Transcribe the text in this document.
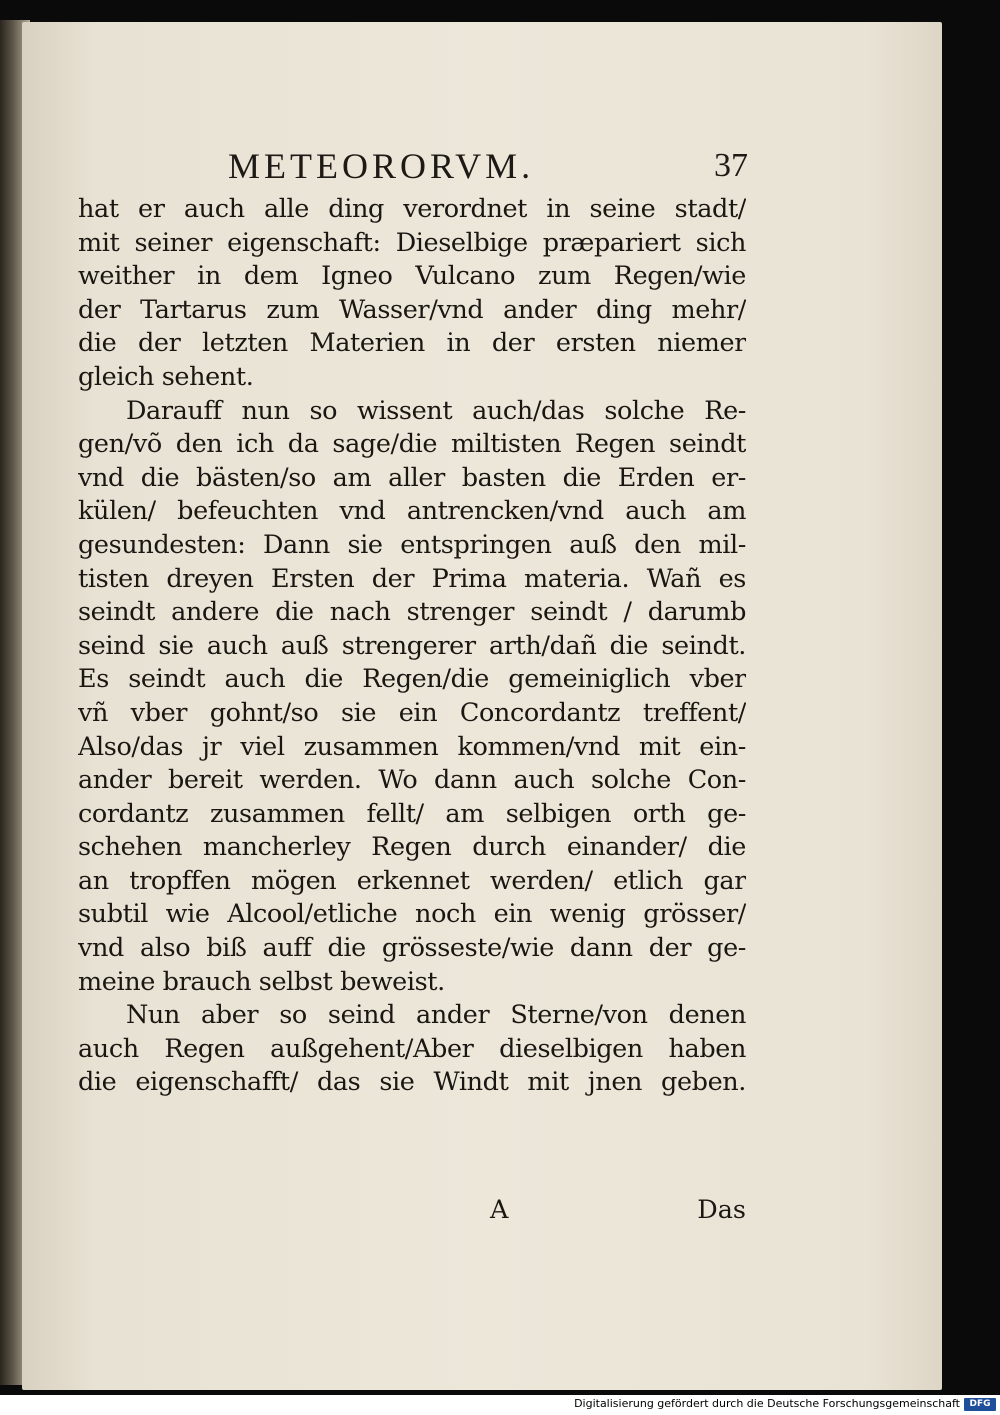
METEORORVM.	37
hat er auch alle ding verordnet in seine stadt/
mit seiner eigenschaft: Dieselbige præpariert sich
weither in dem Igneo Vulcano zum Regen/wie
der Tartarus zum Wasser/vnd ander ding mehr/
die der letzten Materien in der ersten niemer
gleich sehent.
Darauff nun so wissent auch/das solche Re-
gen/võ den ich da sage/die miltisten Regen seindt
vnd die bästen/so am aller basten die Erden er-
külen/ befeuchten vnd antrencken/vnd auch am
gesundesten: Dann sie entspringen auß den mil-
tisten dreyen Ersten der Prima materia. Wañ es
seindt andere die nach strenger seindt / darumb
seind sie auch auß strengerer arth/dañ die seindt.
Es seindt auch die Regen/die gemeiniglich vber
vñ vber gohnt/so sie ein Concordantz treffent/
Also/das jr viel zusammen kommen/vnd mit ein-
ander bereit werden. Wo dann auch solche Con-
cordantz zusammen fellt/ am selbigen orth ge-
schehen mancherley Regen durch einander/ die
an tropffen mögen erkennet werden/ etlich gar
subtil wie Alcool/etliche noch ein wenig grösser/
vnd also biß auff die grösseste/wie dann der ge-
meine brauch selbst beweist.
Nun aber so seind ander Sterne/von denen
auch Regen außgehent/Aber dieselbigen haben
die eigenschafft/ das sie Windt mit jnen geben.
A	Das
Digitalisierung gefördert durch die Deutsche Forschungsgemeinschaft	DFG
